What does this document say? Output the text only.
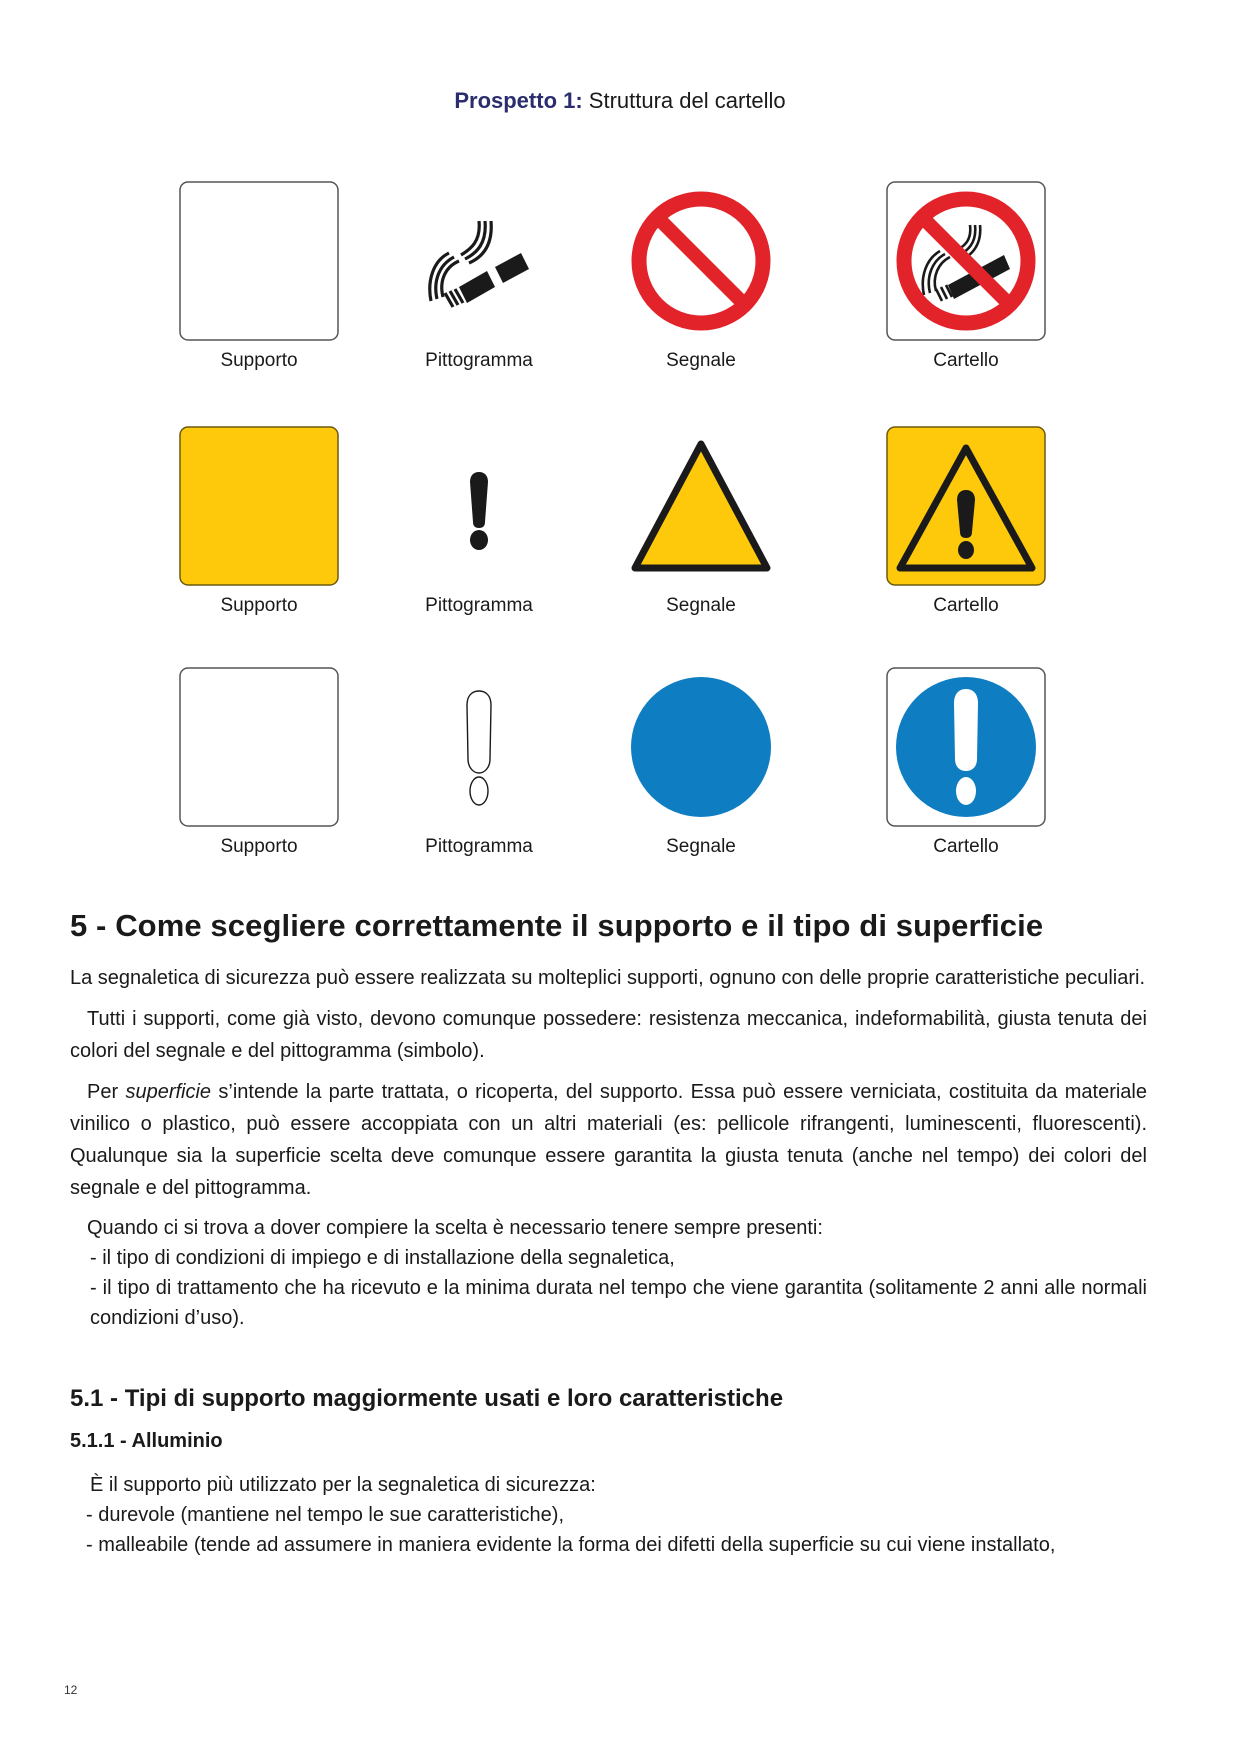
Prospetto 1: Struttura del cartello
Supporto	Pittogramma	Segnale	Cartello
Supporto	Pittogramma	Segnale	Cartello
Supporto	Pittogramma	Segnale	Cartello
5 - Come scegliere correttamente il supporto e il tipo di superficie

La segnaletica di sicurezza può essere realizzata su molteplici supporti, ognuno con delle proprie caratteristiche peculiari.

Tutti i supporti, come già visto, devono comunque possedere: resistenza meccanica, indeformabilità, giusta tenuta dei colori del segnale e del pittogramma (simbolo).

Per superficie s’intende la parte trattata, o ricoperta, del supporto. Essa può essere verniciata, costituita da materiale vinilico o plastico, può essere accoppiata con un altri materiali (es: pellicole rifrangenti, luminescenti, fluorescenti). Qualunque sia la superficie scelta deve comunque essere garantita la giusta tenuta (anche nel tempo) dei colori del segnale e del pittogramma.

Quando ci si trova a dover compiere la scelta è necessario tenere sempre presenti:

- il tipo di condizioni di impiego e di installazione della segnaletica,

- il tipo di trattamento che ha ricevuto e la minima durata nel tempo che viene garantita (solitamente 2 anni alle normali condizioni d’uso).

5.1 - Tipi di supporto maggiormente usati e loro caratteristiche
5.1.1 - Alluminio

È il supporto più utilizzato per la segnaletica di sicurezza:

- durevole (mantiene nel tempo le sue caratteristiche),

- malleabile (tende ad assumere in maniera evidente la forma dei difetti della superficie su cui viene installato,

12
